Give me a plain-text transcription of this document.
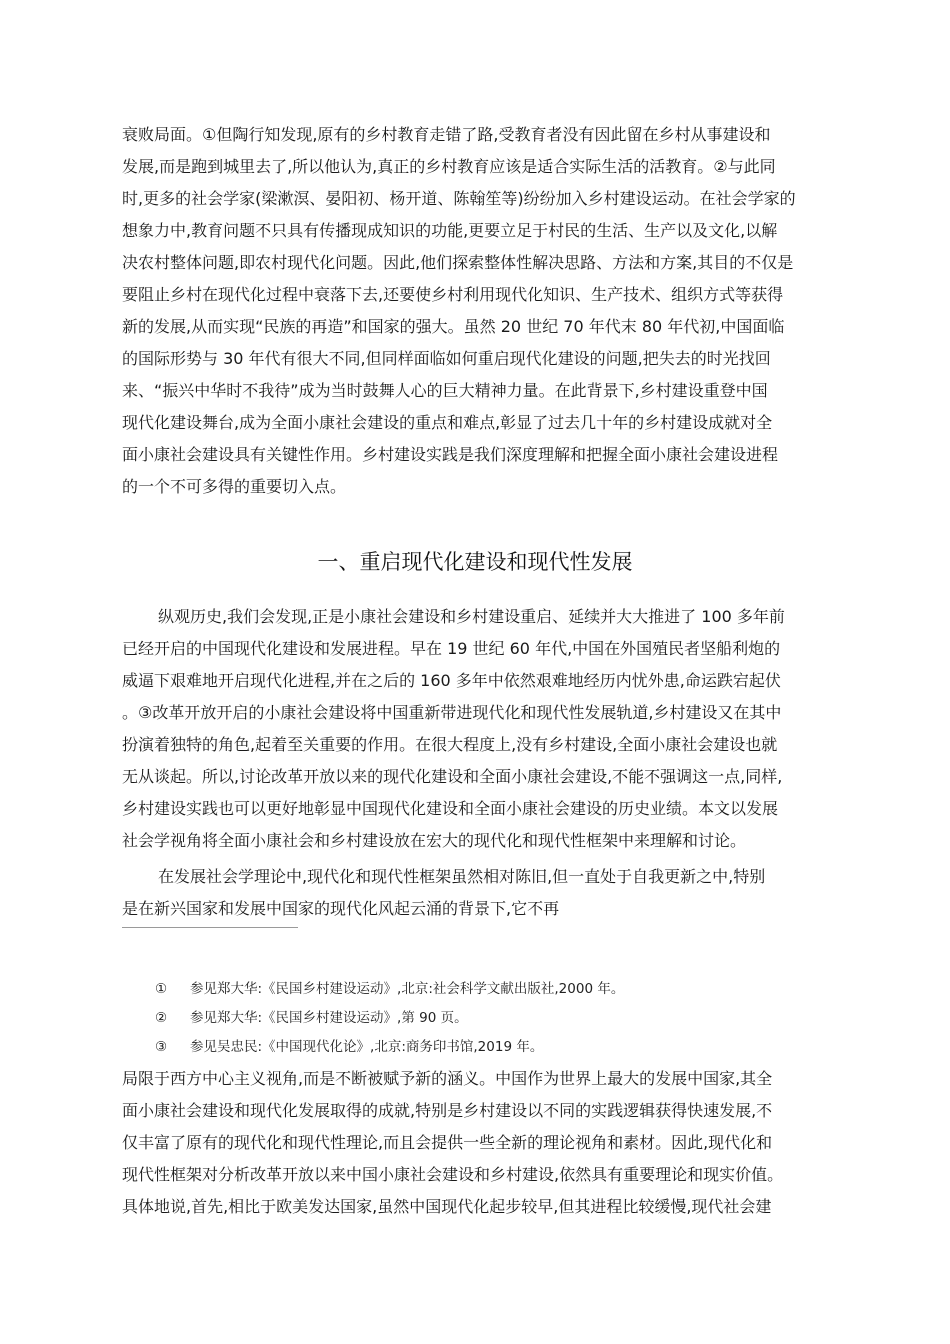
衰败局面。①但陶行知发现,原有的乡村教育走错了路,受教育者没有因此留在乡村从事建设和
发展,而是跑到城里去了,所以他认为,真正的乡村教育应该是适合实际生活的活教育。②与此同
时,更多的社会学家(梁漱溟、晏阳初、杨开道、陈翰笙等)纷纷加入乡村建设运动。在社会学家的
想象力中,教育问题不只具有传播现成知识的功能,更要立足于村民的生活、生产以及文化,以解
决农村整体问题,即农村现代化问题。因此,他们探索整体性解决思路、方法和方案,其目的不仅是
要阻止乡村在现代化过程中衰落下去,还要使乡村利用现代化知识、生产技术、组织方式等获得
新的发展,从而实现“民族的再造”和国家的强大。虽然 20 世纪 70 年代末 80 年代初,中国面临
的国际形势与 30 年代有很大不同,但同样面临如何重启现代化建设的问题,把失去的时光找回
来、“振兴中华时不我待”成为当时鼓舞人心的巨大精神力量。在此背景下,乡村建设重登中国
现代化建设舞台,成为全面小康社会建设的重点和难点,彰显了过去几十年的乡村建设成就对全
面小康社会建设具有关键性作用。乡村建设实践是我们深度理解和把握全面小康社会建设进程
的一个不可多得的重要切入点。
一、重启现代化建设和现代性发展
纵观历史,我们会发现,正是小康社会建设和乡村建设重启、延续并大大推进了 100 多年前
已经开启的中国现代化建设和发展进程。早在 19 世纪 60 年代,中国在外国殖民者坚船利炮的
威逼下艰难地开启现代化进程,并在之后的 160 多年中依然艰难地经历内忧外患,命运跌宕起伏
。③改革开放开启的小康社会建设将中国重新带进现代化和现代性发展轨道,乡村建设又在其中
扮演着独特的角色,起着至关重要的作用。在很大程度上,没有乡村建设,全面小康社会建设也就
无从谈起。所以,讨论改革开放以来的现代化建设和全面小康社会建设,不能不强调这一点,同样,
乡村建设实践也可以更好地彰显中国现代化建设和全面小康社会建设的历史业绩。本文以发展
社会学视角将全面小康社会和乡村建设放在宏大的现代化和现代性框架中来理解和讨论。
在发展社会学理论中,现代化和现代性框架虽然相对陈旧,但一直处于自我更新之中,特别
是在新兴国家和发展中国家的现代化风起云涌的背景下,它不再
① 参见郑大华:《民国乡村建设运动》,北京:社会科学文献出版社,2000 年。
② 参见郑大华:《民国乡村建设运动》,第 90 页。
③ 参见吴忠民:《中国现代化论》,北京:商务印书馆,2019 年。
局限于西方中心主义视角,而是不断被赋予新的涵义。中国作为世界上最大的发展中国家,其全
面小康社会建设和现代化发展取得的成就,特别是乡村建设以不同的实践逻辑获得快速发展,不
仅丰富了原有的现代化和现代性理论,而且会提供一些全新的理论视角和素材。因此,现代化和
现代性框架对分析改革开放以来中国小康社会建设和乡村建设,依然具有重要理论和现实价值。
具体地说,首先,相比于欧美发达国家,虽然中国现代化起步较早,但其进程比较缓慢,现代社会建
